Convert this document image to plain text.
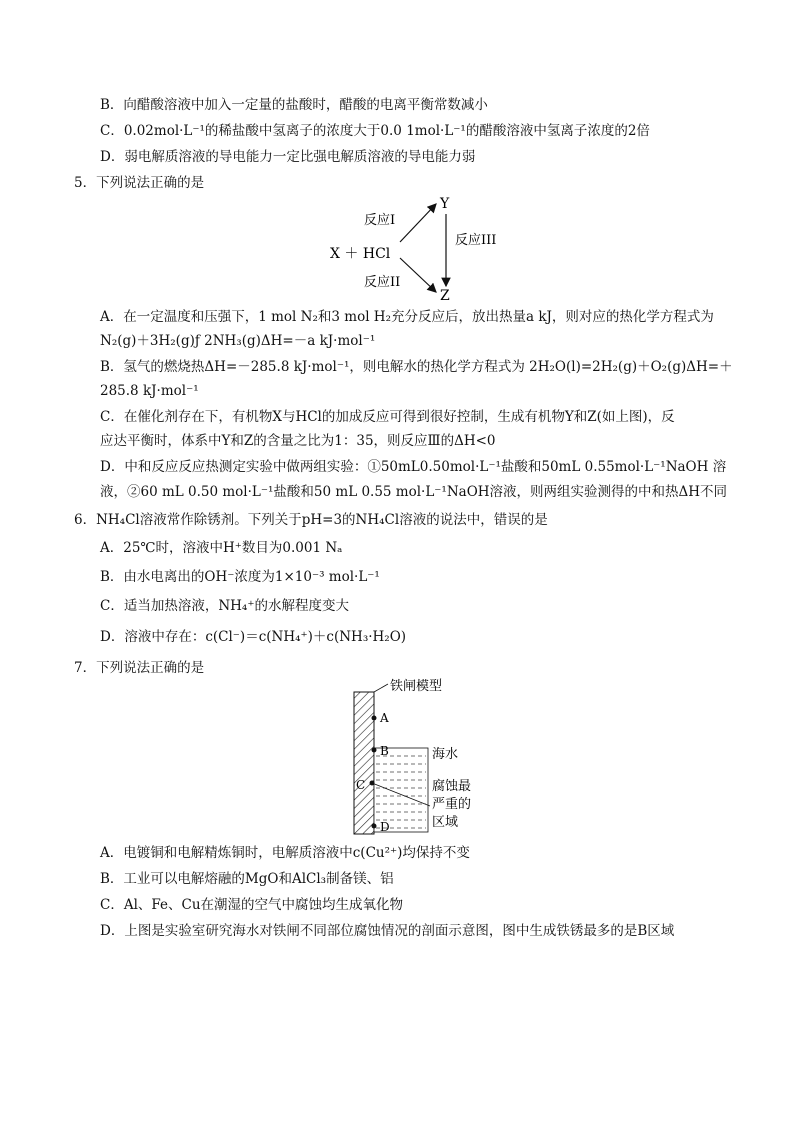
B．向醋酸溶液中加入一定量的盐酸时，醋酸的电离平衡常数减小
C．0.02mol·L⁻¹的稀盐酸中氢离子的浓度大于0.0 1mol·L⁻¹的醋酸溶液中氢离子浓度的2倍
D．弱电解质溶液的导电能力一定比强电解质溶液的导电能力弱
5．下列说法正确的是
X ＋ HCl
Y
Z
反应I
反应II
反应III
A．在一定温度和压强下，1 mol N₂和3 mol H₂充分反应后，放出热量a kJ，则对应的热化学方程式为
N₂(g)＋3H₂(g)ƒ 2NH₃(g)ΔH=－a kJ·mol⁻¹
B．氢气的燃烧热ΔH=－285.8 kJ·mol⁻¹，则电解水的热化学方程式为 2H₂O(l)=2H₂(g)＋O₂(g)ΔH=＋
285.8 kJ·mol⁻¹
C．在催化剂存在下，有机物X与HCl的加成反应可得到很好控制，生成有机物Y和Z(如上图)，反
应达平衡时，体系中Y和Z的含量之比为1：35，则反应Ⅲ的ΔH<0
D．中和反应反应热测定实验中做两组实验：①50mL0.50mol·L⁻¹盐酸和50mL 0.55mol·L⁻¹NaOH 溶
液，②60 mL 0.50 mol·L⁻¹盐酸和50 mL 0.55 mol·L⁻¹NaOH溶液，则两组实验测得的中和热ΔH不同
6．NH₄Cl溶液常作除锈剂。下列关于pH=3的NH₄Cl溶液的说法中，错误的是
A．25℃时，溶液中H⁺数目为0.001 Nₐ
B．由水电离出的OH⁻浓度为1×10⁻³ mol·L⁻¹
C．适当加热溶液，NH₄⁺的水解程度变大
D．溶液中存在：c(Cl⁻)＝c(NH₄⁺)＋c(NH₃·H₂O)
7．下列说法正确的是
铁闸模型
A
B
C
D
海水
腐蚀最
严重的
区域
A．电镀铜和电解精炼铜时，电解质溶液中c(Cu²⁺)均保持不变
B．工业可以电解熔融的MgO和AlCl₃制备镁、铝
C．Al、Fe、Cu在潮湿的空气中腐蚀均生成氧化物
D．上图是实验室研究海水对铁闸不同部位腐蚀情况的剖面示意图，图中生成铁锈最多的是B区域
